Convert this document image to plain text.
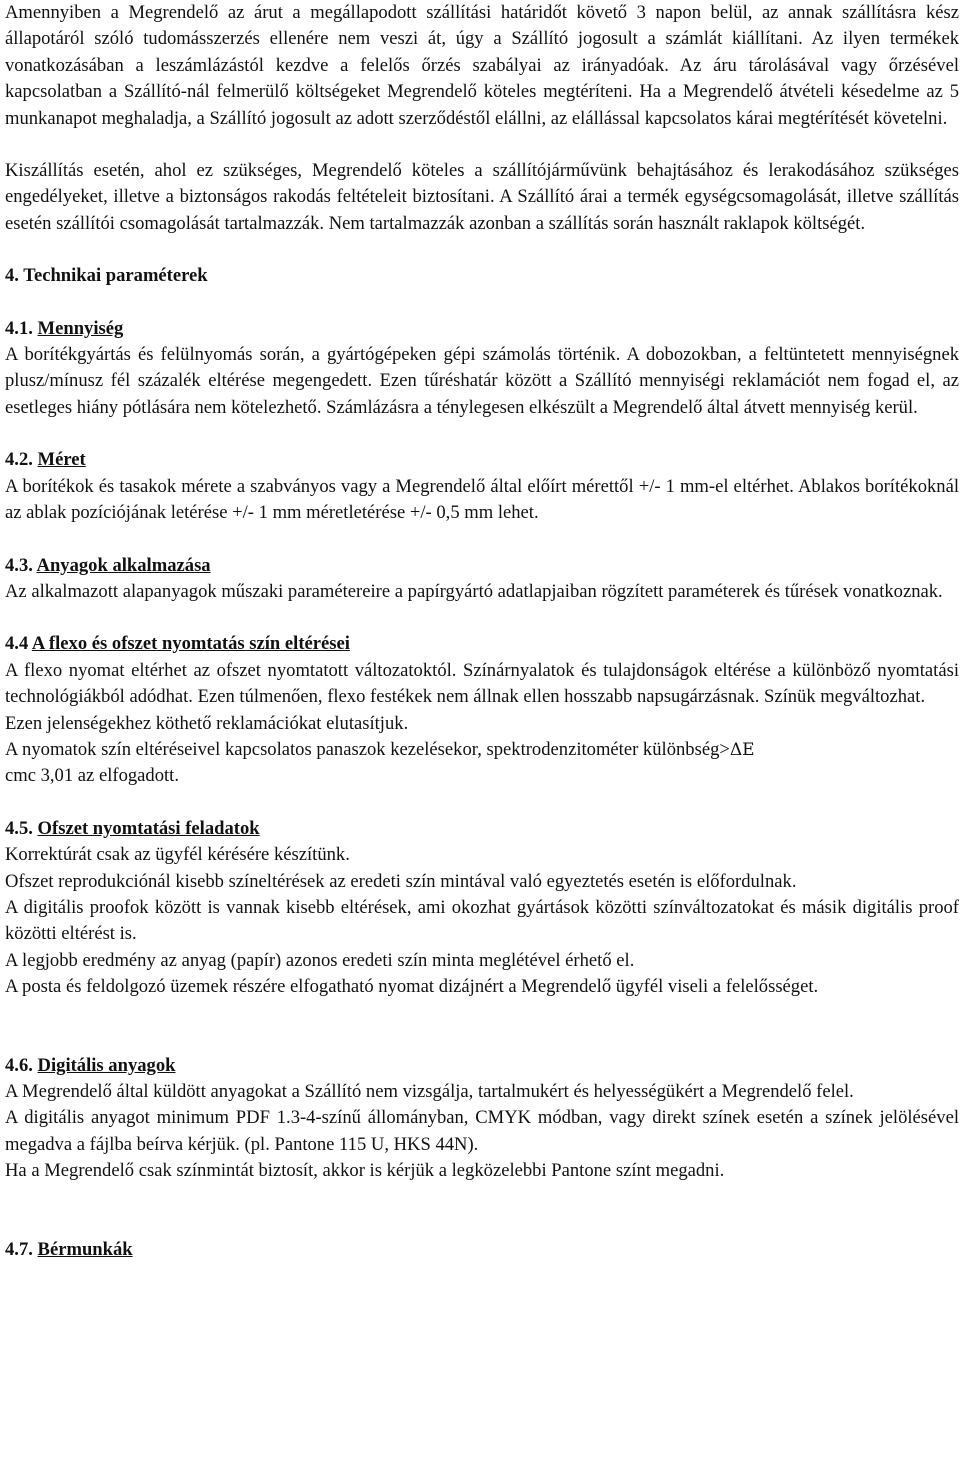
Amennyiben a Megrendelő az árut a megállapodott szállítási határidőt követő 3 napon belül, az annak szállításra kész állapotáról szóló tudomásszerzés ellenére nem veszi át, úgy a Szállító jogosult a számlát kiállítani. Az ilyen termékek vonatkozásában a leszámlázástól kezdve a felelős őrzés szabályai az irányadóak. Az áru tárolásával vagy őrzésével kapcsolatban a Szállító-nál felmerülő költségeket Megrendelő köteles megtéríteni. Ha a Megrendelő átvételi késedelme az 5 munkanapot meghaladja, a Szállító jogosult az adott szerződéstől elállni, az elállással kapcsolatos kárai megtérítését követelni.

Kiszállítás esetén, ahol ez szükséges, Megrendelő köteles a szállítójárművünk behajtásához és lerakodásához szükséges engedélyeket, illetve a biztonságos rakodás feltételeit biztosítani. A Szállító árai a termék egységcsomagolását, illetve szállítás esetén szállítói csomagolását tartalmazzák. Nem tartalmazzák azonban a szállítás során használt raklapok költségét.

4. Technikai paraméterek
4.1. Mennyiség

A borítékgyártás és felülnyomás során, a gyártógépeken gépi számolás történik. A dobozokban, a feltüntetett mennyiségnek plusz/mínusz fél százalék eltérése megengedett. Ezen tűréshatár között a Szállító mennyiségi reklamációt nem fogad el, az esetleges hiány pótlására nem kötelezhető. Számlázásra a ténylegesen elkészült a Megrendelő által átvett mennyiség kerül.

4.2. Méret

A borítékok és tasakok mérete a szabványos vagy a Megrendelő által előírt mérettől +/- 1 mm-el eltérhet. Ablakos borítékoknál az ablak pozíciójának letérése +/- 1 mm méretletérése +/- 0,5 mm lehet.

4.3. Anyagok alkalmazása

Az alkalmazott alapanyagok műszaki paramétereire a papírgyártó adatlapjaiban rögzített paraméterek és tűrések vonatkoznak.

4.4 A flexo és ofszet nyomtatás szín eltérései

A flexo nyomat eltérhet az ofszet nyomtatott változatoktól. Színárnyalatok és tulajdonságok eltérése a különböző nyomtatási technológiákból adódhat. Ezen túlmenően, flexo festékek nem állnak ellen hosszabb napsugárzásnak. Színük megváltozhat.

Ezen jelenségekhez köthető reklamációkat elutasítjuk.

A nyomatok szín eltéréseivel kapcsolatos panaszok kezelésekor, spektrodenzitométer különbség>ΔE
cmc 3,01 az elfogadott.

4.5. Ofszet nyomtatási feladatok

Korrektúrát csak az ügyfél kérésére készítünk.

Ofszet reprodukciónál kisebb színeltérések az eredeti szín mintával való egyeztetés esetén is előfordulnak.

A digitális proofok között is vannak kisebb eltérések, ami okozhat gyártások közötti színváltozatokat és másik digitális proof közötti eltérést is.

A legjobb eredmény az anyag (papír) azonos eredeti szín minta meglétével érhető el.

A posta és feldolgozó üzemek részére elfogatható nyomat dizájnért a Megrendelő ügyfél viseli a felelősséget.

4.6. Digitális anyagok

A Megrendelő által küldött anyagokat a Szállító nem vizsgálja, tartalmukért és helyességükért a Megrendelő felel.

A digitális anyagot minimum PDF 1.3-4-színű állományban, CMYK módban, vagy direkt színek esetén a színek jelölésével megadva a fájlba beírva kérjük. (pl. Pantone 115 U, HKS 44N).

Ha a Megrendelő csak színmintát biztosít, akkor is kérjük a legközelebbi Pantone színt megadni.

4.7. Bérmunkák
